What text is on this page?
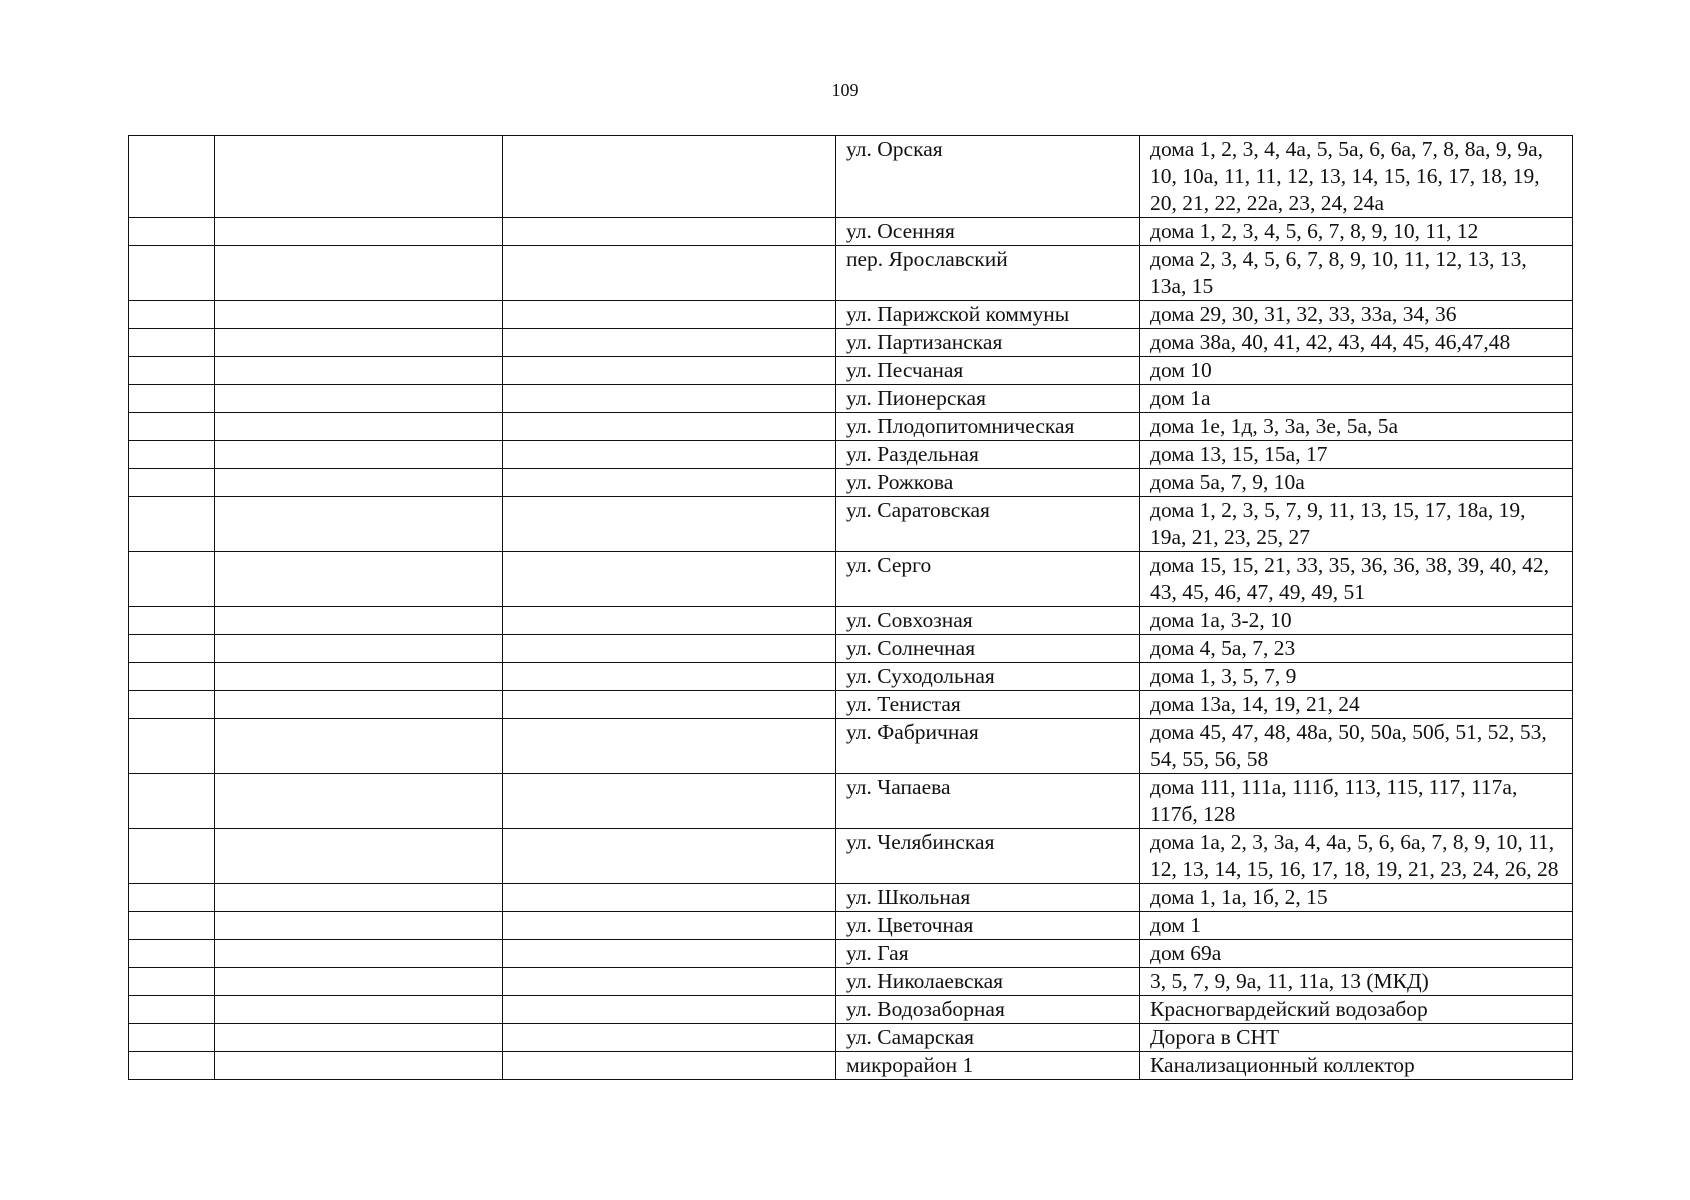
109
			ул. Орская	дома 1, 2, 3, 4, 4а, 5, 5а, 6, 6а, 7, 8, 8а, 9, 9а, 10, 10а, 11, 11, 12, 13, 14, 15, 16, 17, 18, 19, 20, 21, 22, 22а, 23, 24, 24а
			ул. Осенняя	дома 1, 2, 3, 4, 5, 6, 7, 8, 9, 10, 11, 12
			пер. Ярославский	дома 2, 3, 4, 5, 6, 7, 8, 9, 10, 11, 12, 13, 13, 13а, 15
			ул. Парижской коммуны	дома 29, 30, 31, 32, 33, 33а, 34, 36
			ул. Партизанская	дома 38а, 40, 41, 42, 43, 44, 45, 46,47,48
			ул. Песчаная	дом 10
			ул. Пионерская	дом 1а
			ул. Плодопитомническая	дома 1е, 1д, 3, 3а, 3е, 5а, 5а
			ул. Раздельная	дома 13, 15, 15а, 17
			ул. Рожкова	дома 5а, 7, 9, 10а
			ул. Саратовская	дома 1, 2, 3, 5, 7, 9, 11, 13, 15, 17, 18а, 19, 19а, 21, 23, 25, 27
			ул. Серго	дома 15, 15, 21, 33, 35, 36, 36, 38, 39, 40, 42, 43, 45, 46, 47, 49, 49, 51
			ул. Совхозная	дома 1а, 3-2, 10
			ул. Солнечная	дома 4, 5а, 7, 23
			ул. Суходольная	дома 1, 3, 5, 7, 9
			ул. Тенистая	дома 13а, 14, 19, 21, 24
			ул. Фабричная	дома 45, 47, 48, 48а, 50, 50а, 50б, 51, 52, 53, 54, 55, 56, 58
			ул. Чапаева	дома 111, 111а, 111б, 113, 115, 117, 117а, 117б, 128
			ул. Челябинская	дома 1а, 2, 3, 3а, 4, 4а, 5, 6, 6а, 7, 8, 9, 10, 11, 12, 13, 14, 15, 16, 17, 18, 19, 21, 23, 24, 26, 28
			ул. Школьная	дома 1, 1а, 1б, 2, 15
			ул. Цветочная	дом 1
			ул. Гая	дом 69а
			ул. Николаевская	3, 5, 7, 9, 9а, 11, 11а, 13 (МКД)
			ул. Водозаборная	Красногвардейский водозабор
			ул. Самарская	Дорога в СНТ
			микрорайон 1	Канализационный коллектор
